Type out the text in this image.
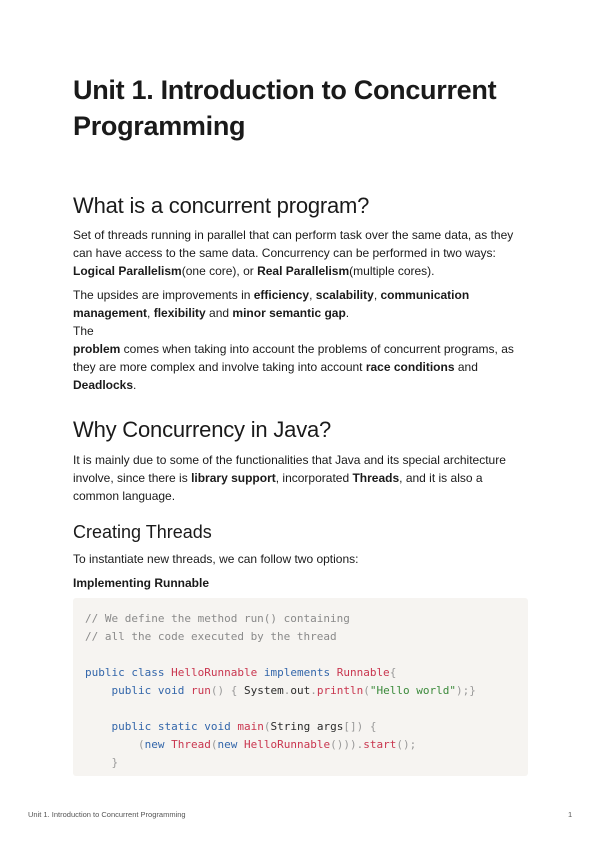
Unit 1. Introduction to Concurrent Programming
What is a concurrent program?

Set of threads running in parallel that can perform task over the same data, as they can have access to the same data. Concurrency can be performed in two ways: Logical Parallelism(one core), or Real Parallelism(multiple cores).

The upsides are improvements in efficiency, scalability, communication management, flexibility and minor semantic gap.

The

problem comes when taking into account the problems of concurrent programs, as they are more complex and involve taking into account race conditions and Deadlocks.

Why Concurrency in Java?

It is mainly due to some of the functionalities that Java and its special architecture involve, since there is library support, incorporated Threads, and it is also a common language.

Creating Threads

To instantiate new threads, we can follow two options:

Implementing Runnable

// We define the method run() containing
// all the code executed by the thread

public class HelloRunnable implements Runnable{
public void run() { System.out.println("Hello world");}

public static void main(String args[]) {
(new Thread(new HelloRunnable())).start();
}
Unit 1. Introduction to Concurrent Programming	1
